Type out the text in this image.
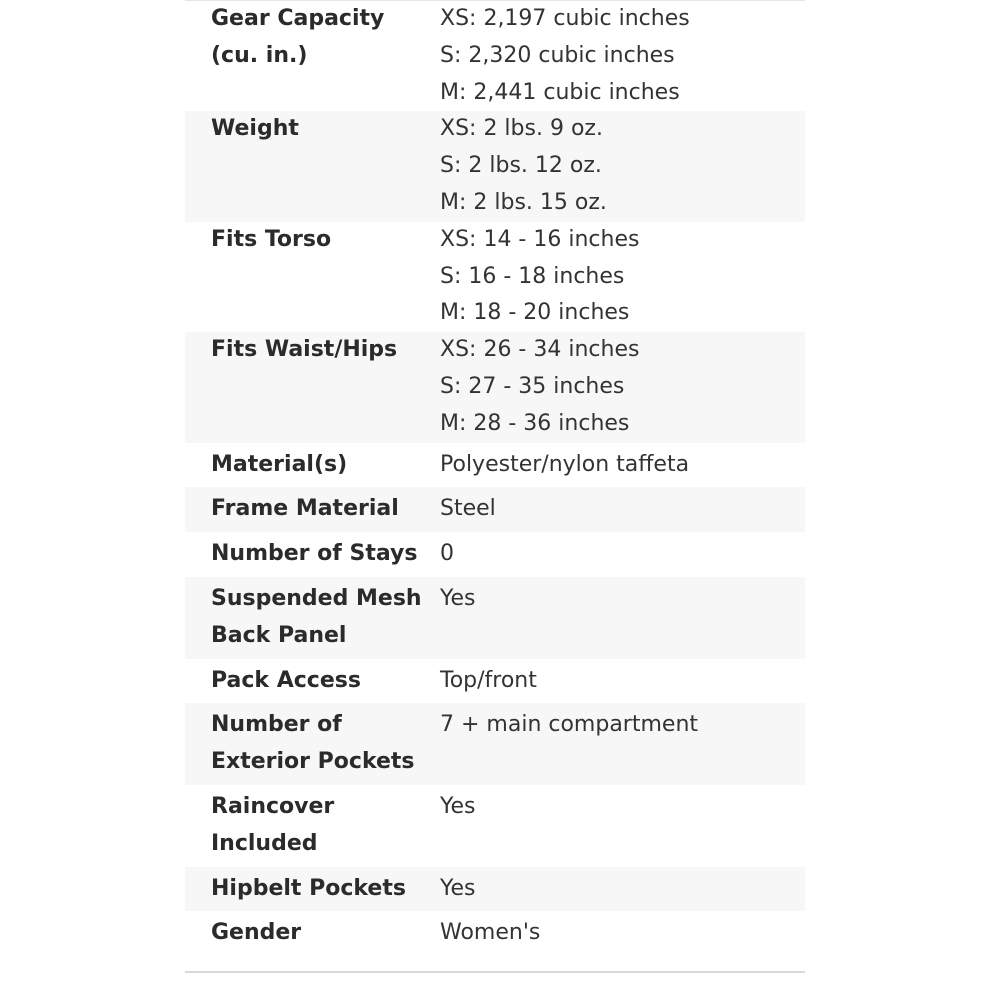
Gear Capacity (cu. in.)	XS: 2,197 cubic inches
S: 2,320 cubic inches
M: 2,441 cubic inches

Weight	XS: 2 lbs. 9 oz.
S: 2 lbs. 12 oz.
M: 2 lbs. 15 oz.

Fits Torso	XS: 14 - 16 inches
S: 16 - 18 inches
M: 18 - 20 inches

Fits Waist/Hips	XS: 26 - 34 inches
S: 27 - 35 inches
M: 28 - 36 inches

Material(s)	Polyester/nylon taffeta

Frame Material	Steel

Number of Stays	0

Suspended Mesh Back Panel	Yes

Pack Access	Top/front

Number of Exterior Pockets	7 + main compartment

Raincover Included	Yes

Hipbelt Pockets	Yes

Gender	Women's
